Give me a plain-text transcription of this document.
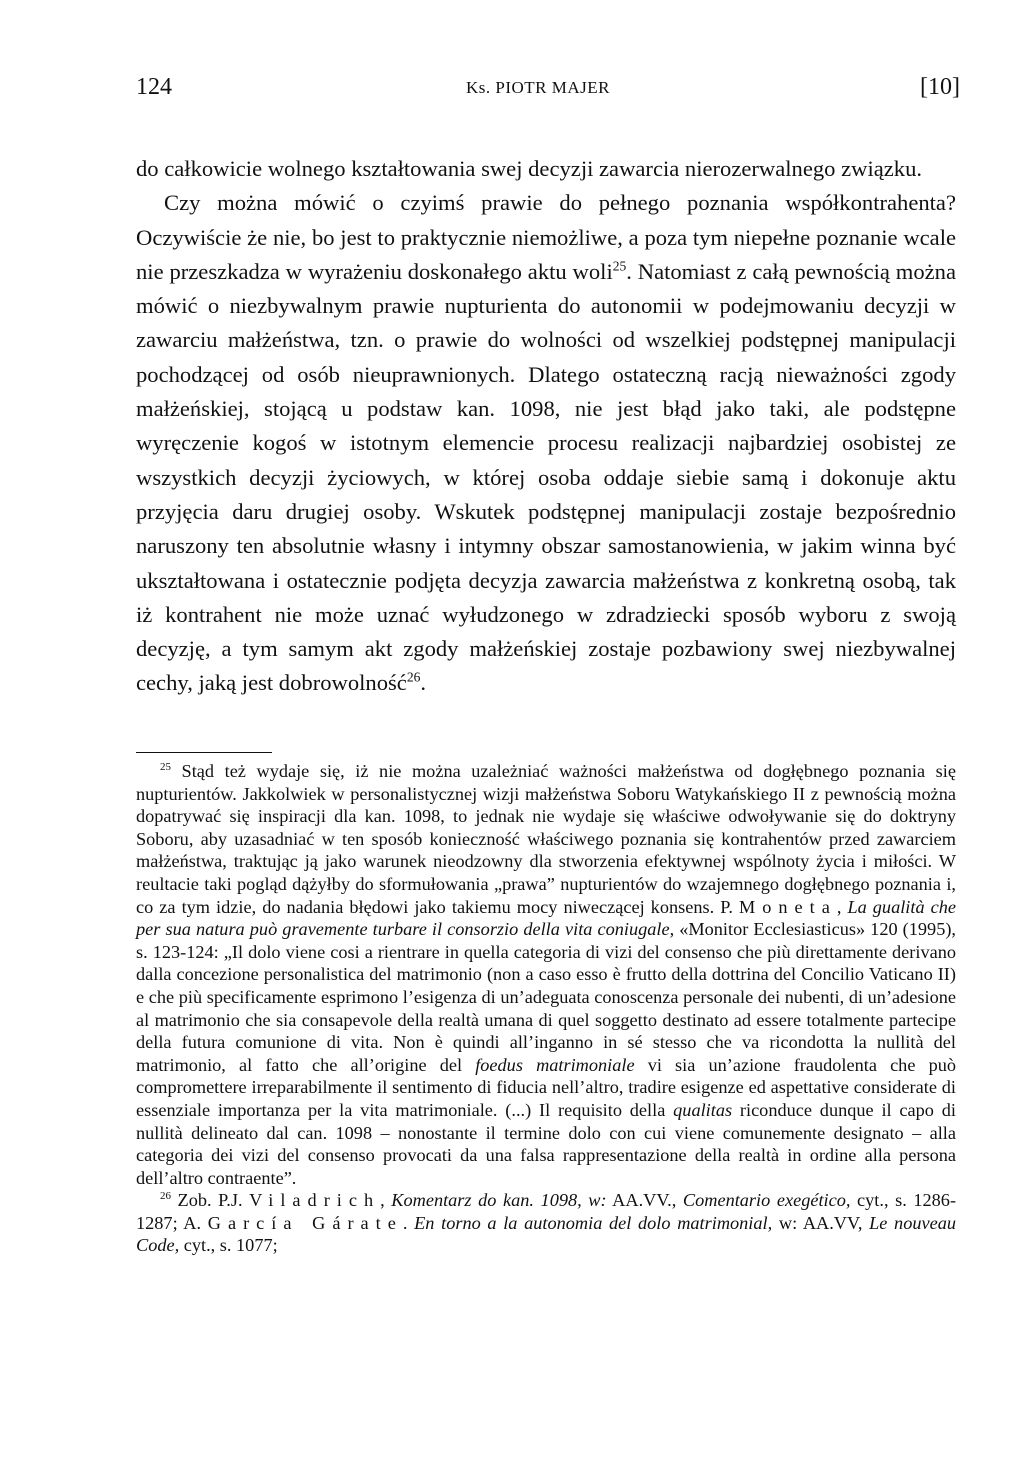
124	Ks. PIOTR MAJER	[10]

do całkowicie wolnego kształtowania swej decyzji zawarcia nierozerwalnego związku.

Czy można mówić o czyimś prawie do pełnego poznania współkontrahenta? Oczywiście że nie, bo jest to praktycznie niemożliwe, a poza tym niepełne poznanie wcale nie przeszkadza w wyrażeniu doskonałego aktu woli$^{25}$. Natomiast z całą pewnością można mówić o niezbywalnym prawie nupturienta do autonomii w podejmowaniu decyzji w zawarciu małżeństwa, tzn. o prawie do wolności od wszelkiej podstępnej manipulacji pochodzącej od osób nieuprawnionych. Dlatego ostateczną racją nieważności zgody małżeńskiej, stojącą u podstaw kan. 1098, nie jest błąd jako taki, ale podstępne wyręczenie kogoś w istotnym elemencie procesu realizacji najbardziej osobistej ze wszystkich decyzji życiowych, w której osoba oddaje siebie samą i dokonuje aktu przyjęcia daru drugiej osoby. Wskutek podstępnej manipulacji zostaje bezpośrednio naruszony ten absolutnie własny i intymny obszar samostanowienia, w jakim winna być ukształtowana i ostatecznie podjęta decyzja zawarcia małżeństwa z konkretną osobą, tak iż kontrahent nie może uznać wyłudzonego w zdradziecki sposób wyboru z swoją decyzję, a tym samym akt zgody małżeńskiej zostaje pozbawiony swej niezbywalnej cechy, jaką jest dobrowolność$^{26}$.

$^{25}$ Stąd też wydaje się, iż nie można uzależniać ważności małżeństwa od dogłębnego poznania się nupturientów. Jakkolwiek w personalistycznej wizji małżeństwa Soboru Watykańskiego II z pewnością można dopatrywać się inspiracji dla kan. 1098, to jednak nie wydaje się właściwe odwoływanie się do doktryny Soboru, aby uzasadniać w ten sposób konieczność właściwego poznania się kontrahentów przed zawarciem małżeństwa, traktując ją jako warunek nieodzowny dla stworzenia efektywnej wspólnoty życia i miłości. W reultacie taki pogląd dążyłby do sformułowania „prawa” nupturientów do wzajemnego dogłębnego poznania i, co za tym idzie, do nadania błędowi jako takiemu mocy niweczącej konsens. P. Moneta, La gualità che per sua natura può gravemente turbare il consorzio della vita coniugale, «Monitor Ecclesiasticus» 120 (1995), s. 123-124: „Il dolo viene cosi a rientrare in quella categoria di vizi del consenso che più direttamente derivano dalla concezione personalistica del matrimonio (non a caso esso è frutto della dottrina del Concilio Vaticano II) e che più specificamente esprimono l’esigenza di un’adeguata conoscenza personale dei nubenti, di un’adesione al matrimonio che sia consapevole della realtà umana di quel soggetto destinato ad essere totalmente partecipe della futura comunione di vita. Non è quindi all’inganno in sé stesso che va ricondotta la nullità del matrimonio, al fatto che all’origine del foedus matrimoniale vi sia un’azione fraudolenta che può compromettere irreparabilmente il sentimento di fiducia nell’altro, tradire esigenze ed aspettative considerate di essenziale importanza per la vita matrimoniale. (...) Il requisito della qualitas riconduce dunque il capo di nullità delineato dal can. 1098 – nonostante il termine dolo con cui viene comunemente designato – alla categoria dei vizi del consenso provocati da una falsa rappresentazione della realtà in ordine alla persona dell’altro contraente”.

$^{26}$ Zob. P.J. Viladrich, Komentarz do kan. 1098, w: AA.VV., Comentario exegético, cyt., s. 1286-1287; A. García Gárate. En torno a la autonomia del dolo matrimonial, w: AA.VV, Le nouveau Code, cyt., s. 1077;
